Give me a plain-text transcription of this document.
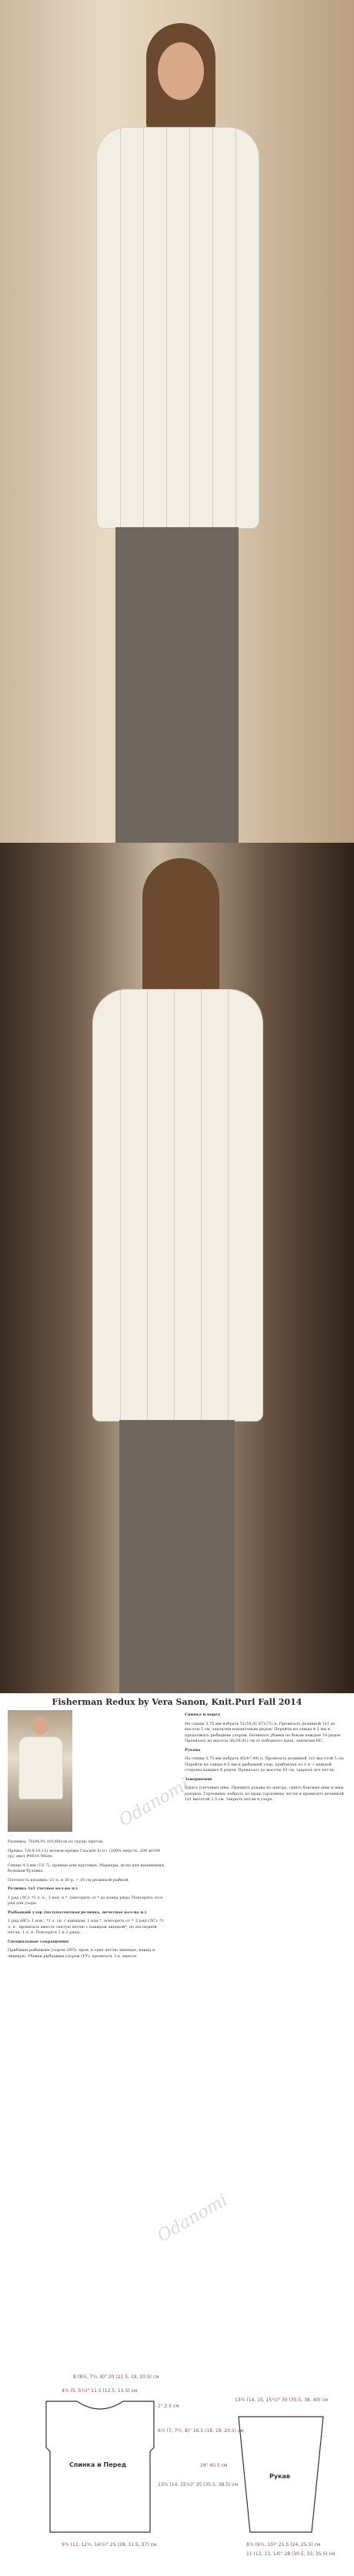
Fisherman Redux by Vera Sanon, Knit.Purl Fall 2014

Размеры: 76(84,91,101)88(см по груди, кругов.

Пряжа: 7(8,9,10,11) мотков пряжи Cascade Eco+ (100% шерсть, 200 м/100 гр), цвет #8010 White.

Спицы 4,5 мм (US 7), прямые или круговые. Маркеры, иглы для вышивания, большая булавка.

Плотность вязания: 21 п. и 30 р. = 10 см резинкой-рыбкой.

Резинка 1х1 (четное кол-во п.)

1 ряд (ЛС): *1 л. п., 1 изн. п.*, повторять от * до конца ряда. Повторять этот ряд для узора.

Рыбацкий узор (полупатентная резинка, нечетное кол-во п.)

1 ряд (ИС): 1 изн., *1 л. сн. с накидом, 1 изн.*, повторять от *. 2 ряд (ЛС): *1 л. п., провязать вместе снятую петлю с накидом лицевой*, до последней петли, 1 л. п. Повторять 1 и 2 ряды.

Специальные сокращения:

Прибавки рыбацким узором (ПП): пров. в одну петлю лицевую, накид и лицевую. Убавки рыбацким узором (УУ): провязать 3 п. вместе.

Спинка и перед

На спицы 3.75 мм набрать 51(55,61,67)(73) п. Провязать резинкой 1х1 до высоты 5 см, закончив изнаночным рядом. Перейти на спицы 4.5 мм и продолжать рыбацким узором. Начинать убавки по бокам каждые 10 рядов. Провязать до высоты 36(38,41) см от наборного края, закончив ИС.

Рукава

На спицы 3.75 мм набрать 45(47,49) п. Провязать резинкой 1х1 высотой 5 см. Перейти на спицы 4.5 мм и рыбацкий узор, прибавляя по 1 п. с каждой стороны каждые 8 рядов. Провязать до высоты 43 см, закрыть все петли.

Завершение

Сшить плечевые швы. Пришить рукава по центру, сшить боковые швы и швы рукавов. Горловина: набрать по краю горловины петли и провязать резинкой 1х1 высотой 2.5 см. Закрыть петли в узоре.

Odanomi
Odanomi
Спинка и Перед
8 (8½, 7½, 8)" 20 (21.5, 19, 20.5) см
4½ (5, 5¼)" 11.5 (12.5, 13.5) см
1" 2.5 см
6½ (7, 7½, 8)" 16.5 (18, 19, 20.5) см
13¾ (14, 15¼)" 35 (35.5, 38.5) см
9¾ (11, 12½, 14½)" 25 (28, 31.5, 37) см
Рукав
13¾ (14, 15, 15¾)" 35 (35.5, 38, 40) см
16" 40.5 см
8½ (9½, 10)" 21.5 (24, 25.5) см
11 (12, 13, 14)" 28 (30.5, 33, 35.5) см
